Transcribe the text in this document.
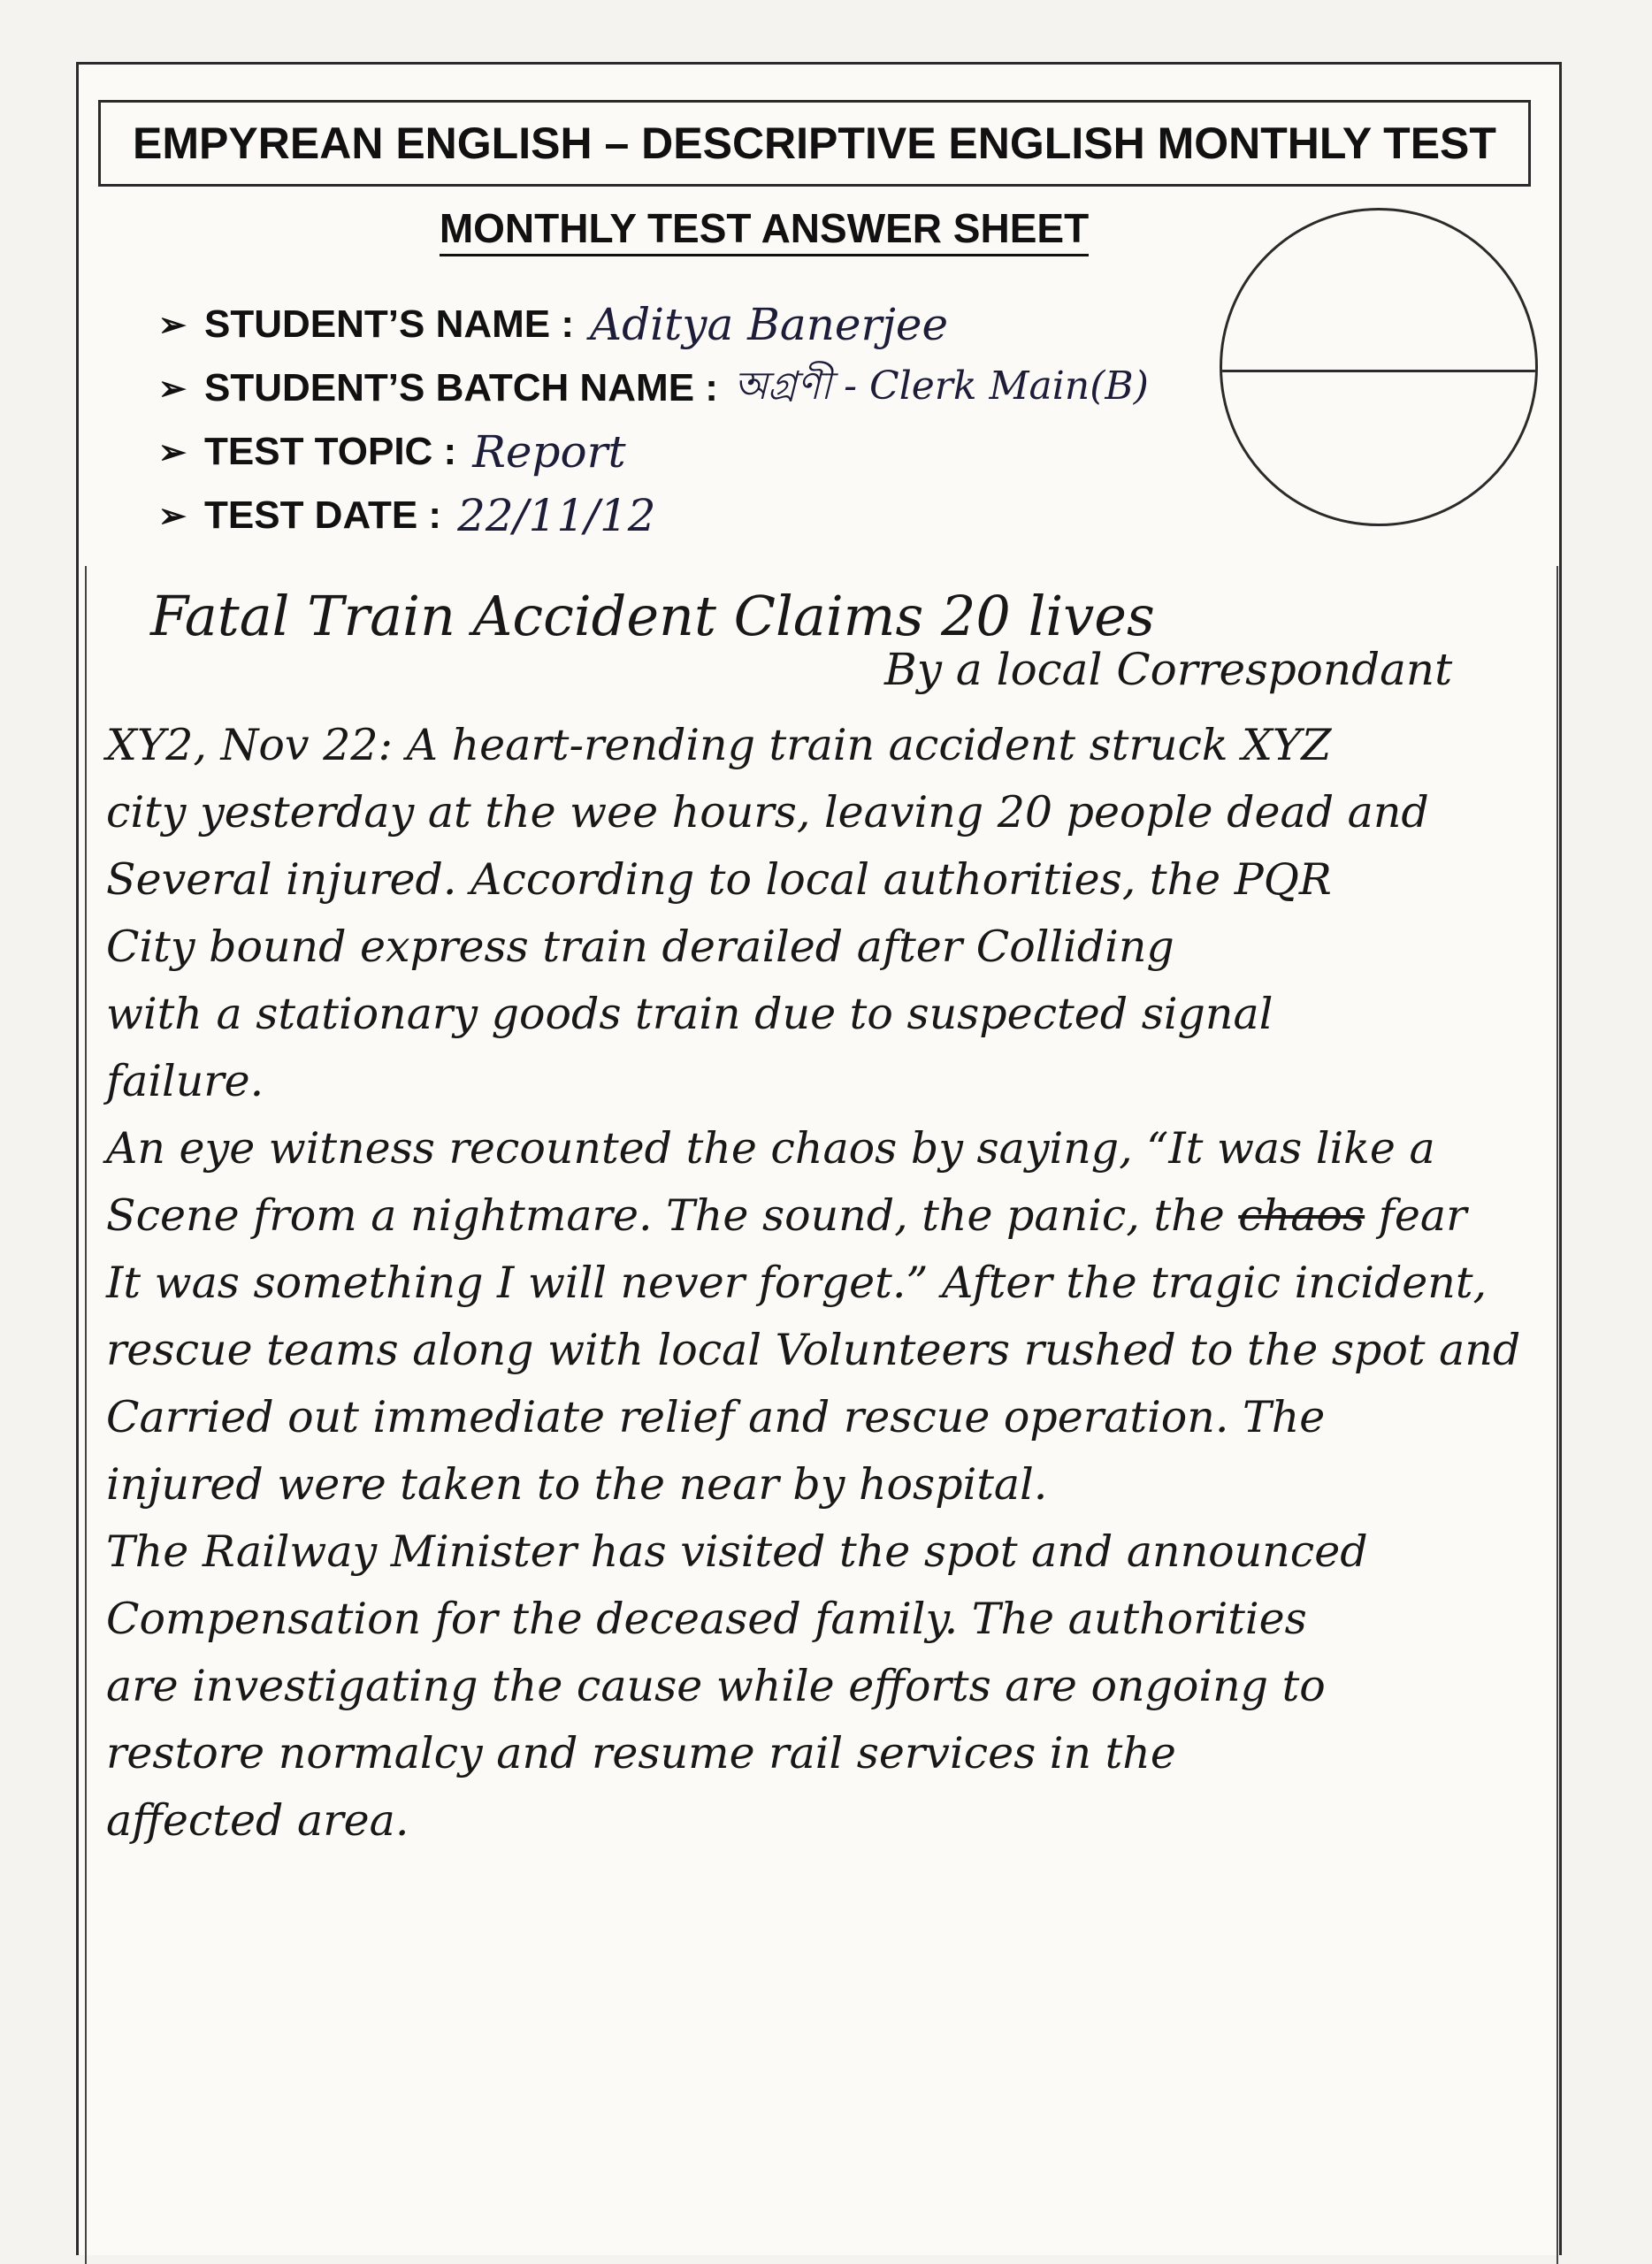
EMPYREAN ENGLISH – DESCRIPTIVE ENGLISH MONTHLY TEST
MONTHLY TEST ANSWER SHEET
➢ STUDENT’S NAME : Aditya Banerjee
➢ STUDENT’S BATCH NAME : অগ্রণী - Clerk Main(B)
➢ TEST TOPIC : Report
➢ TEST DATE : 22/11/12
Fatal Train Accident Claims 20 lives
By a local Correspondant
XY2, Nov 22: A heart-rending train accident struck XYZ
city yesterday at the wee hours, leaving 20 people dead and
Several injured. According to local authorities, the PQR
City bound express train derailed after Colliding
with a stationary goods train due to suspected signal
failure.
An eye witness recounted the chaos by saying, “It was like a
Scene from a nightmare. The sound, the panic, the chaos fear
It was something I will never forget.” After the tragic incident,
rescue teams along with local Volunteers rushed to the spot and
Carried out immediate relief and rescue operation. The
injured were taken to the near by hospital.
The Railway Minister has visited the spot and announced
Compensation for the deceased family. The authorities
are investigating the cause while efforts are ongoing to
restore normalcy and resume rail services in the
affected area.
